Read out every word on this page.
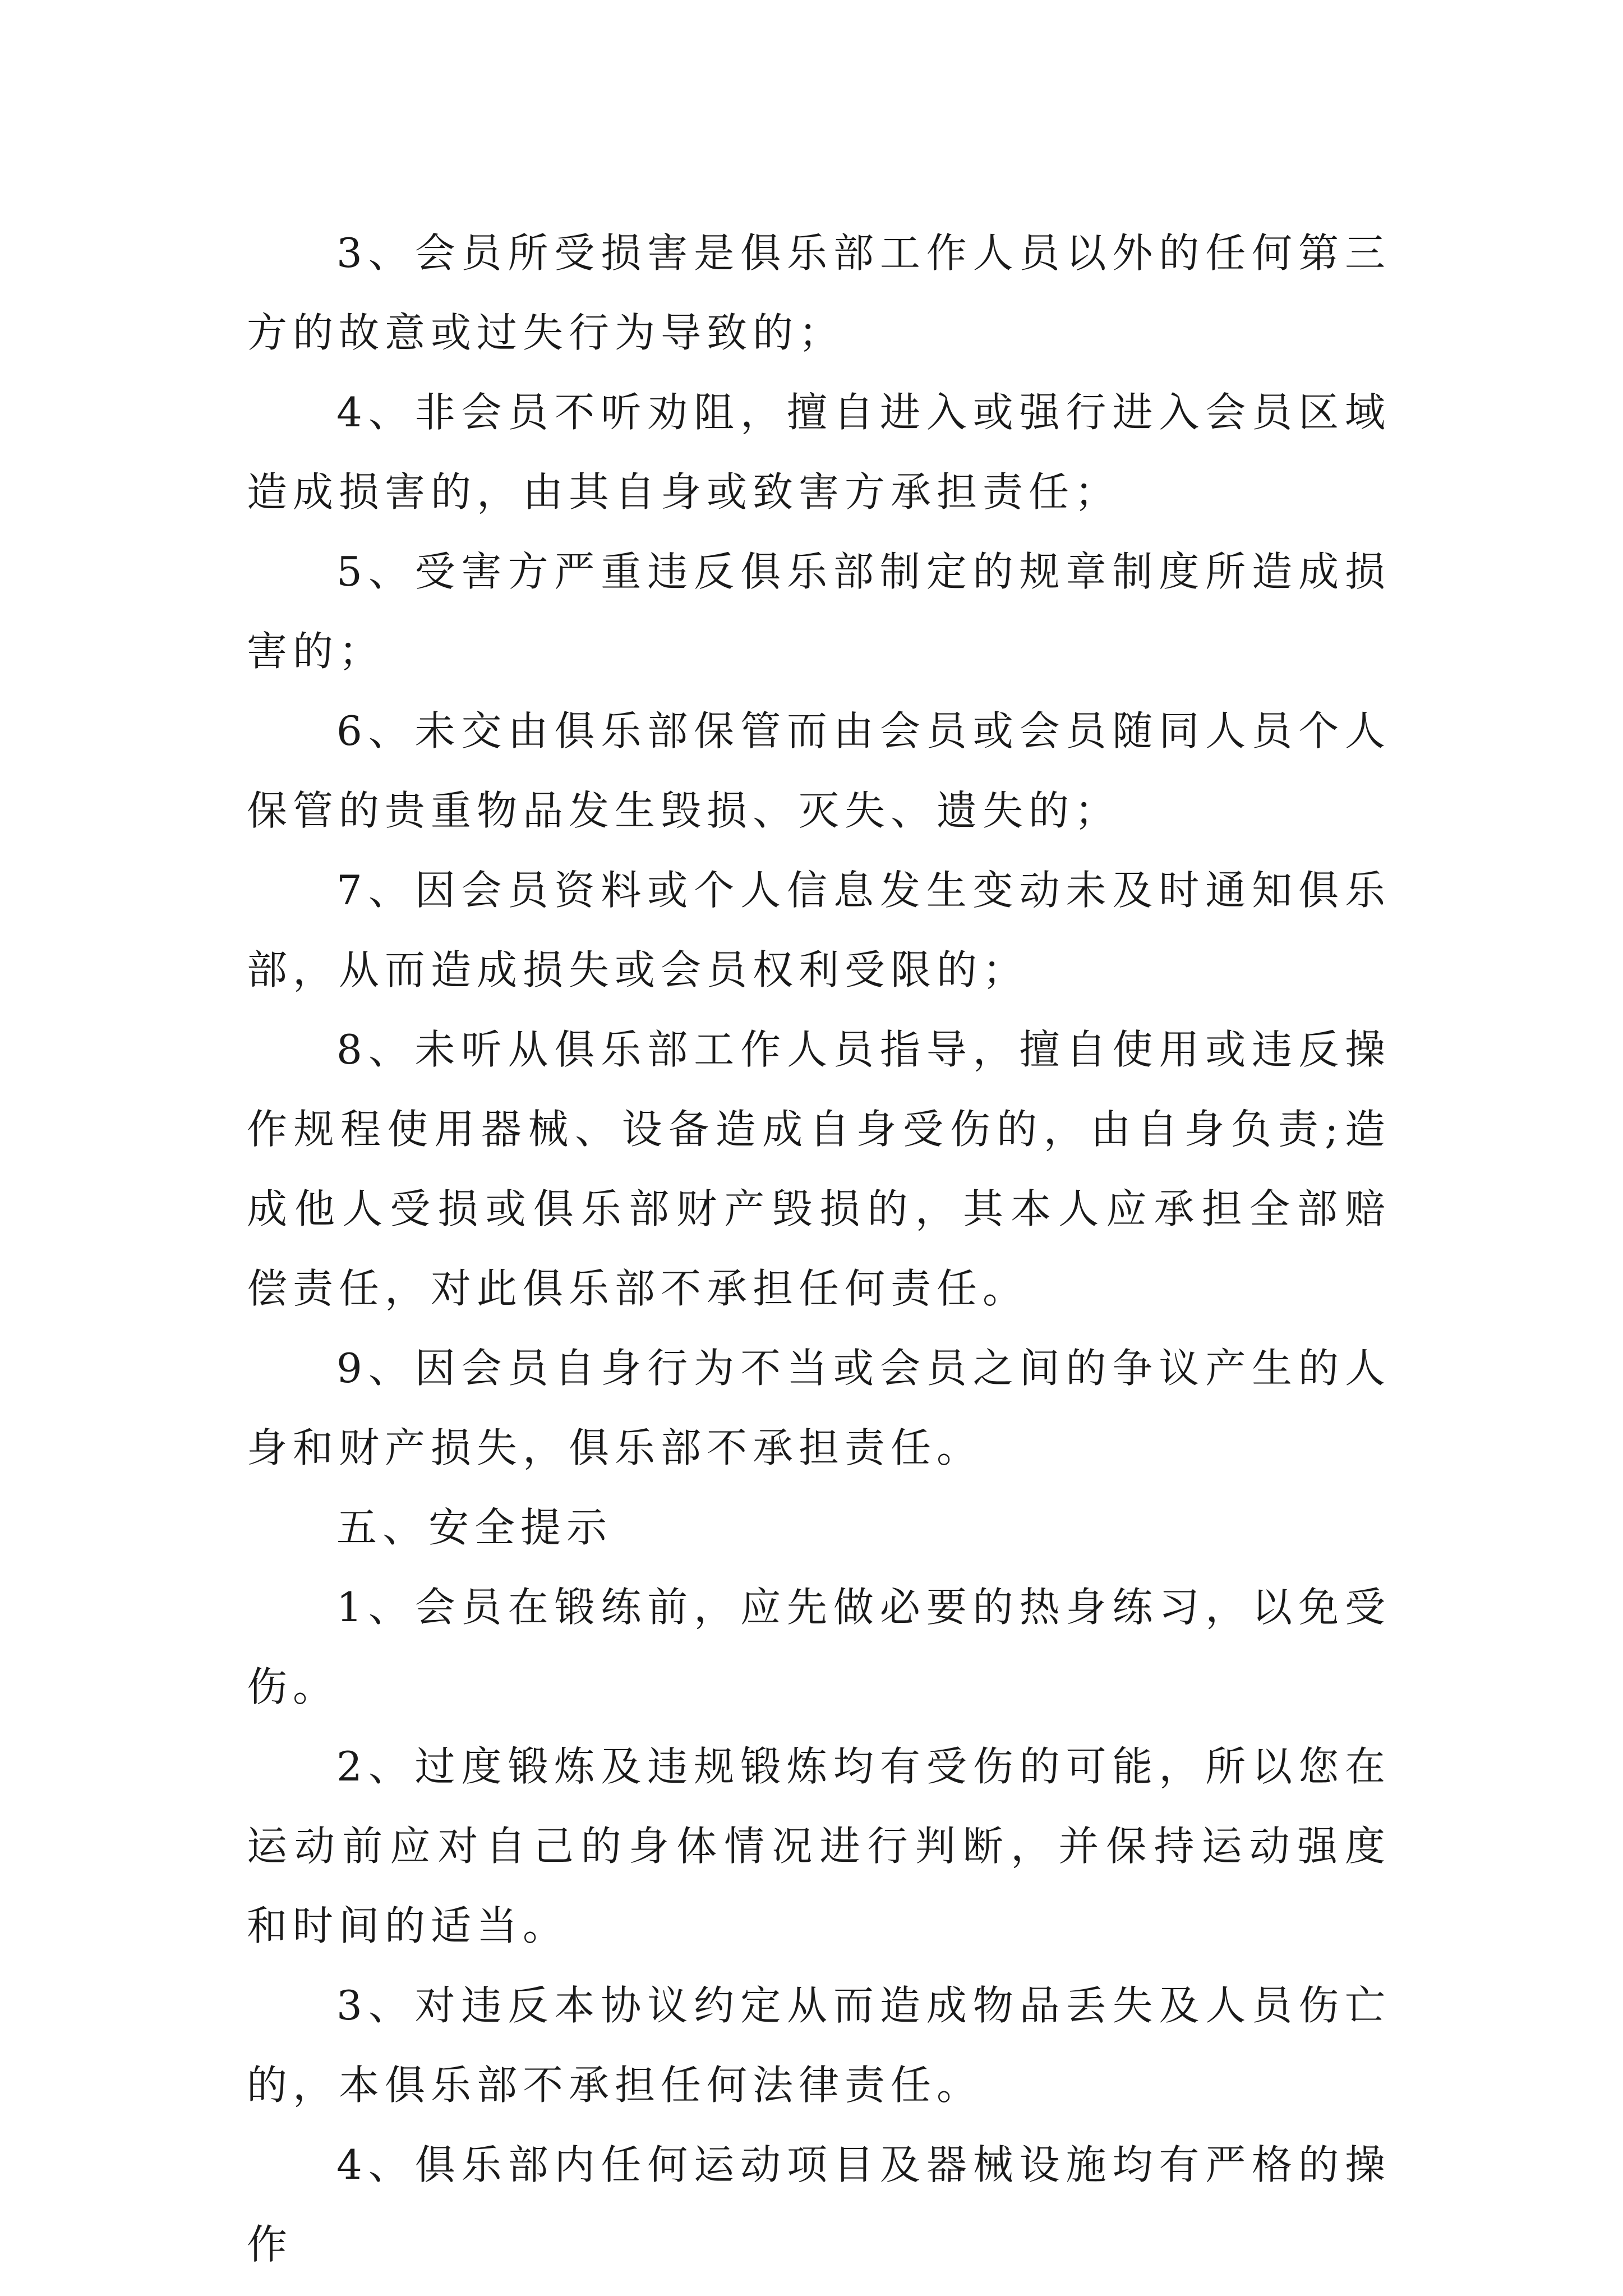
3、会员所受损害是俱乐部工作人员以外的任何第三方的故意或过失行为导致的；

4、非会员不听劝阻，擅自进入或强行进入会员区域造成损害的，由其自身或致害方承担责任；

5、受害方严重违反俱乐部制定的规章制度所造成损害的；

6、未交由俱乐部保管而由会员或会员随同人员个人保管的贵重物品发生毁损、灭失、遗失的；

7、因会员资料或个人信息发生变动未及时通知俱乐部，从而造成损失或会员权利受限的；

8、未听从俱乐部工作人员指导，擅自使用或违反操作规程使用器械、设备造成自身受伤的，由自身负责;造成他人受损或俱乐部财产毁损的，其本人应承担全部赔偿责任，对此俱乐部不承担任何责任。

9、因会员自身行为不当或会员之间的争议产生的人身和财产损失，俱乐部不承担责任。

五、安全提示

1、会员在锻练前，应先做必要的热身练习，以免受伤。

2、过度锻炼及违规锻炼均有受伤的可能，所以您在运动前应对自己的身体情况进行判断，并保持运动强度和时间的适当。

3、对违反本协议约定从而造成物品丢失及人员伤亡的，本俱乐部不承担任何法律责任。

4、俱乐部内任何运动项目及器械设施均有严格的操作
